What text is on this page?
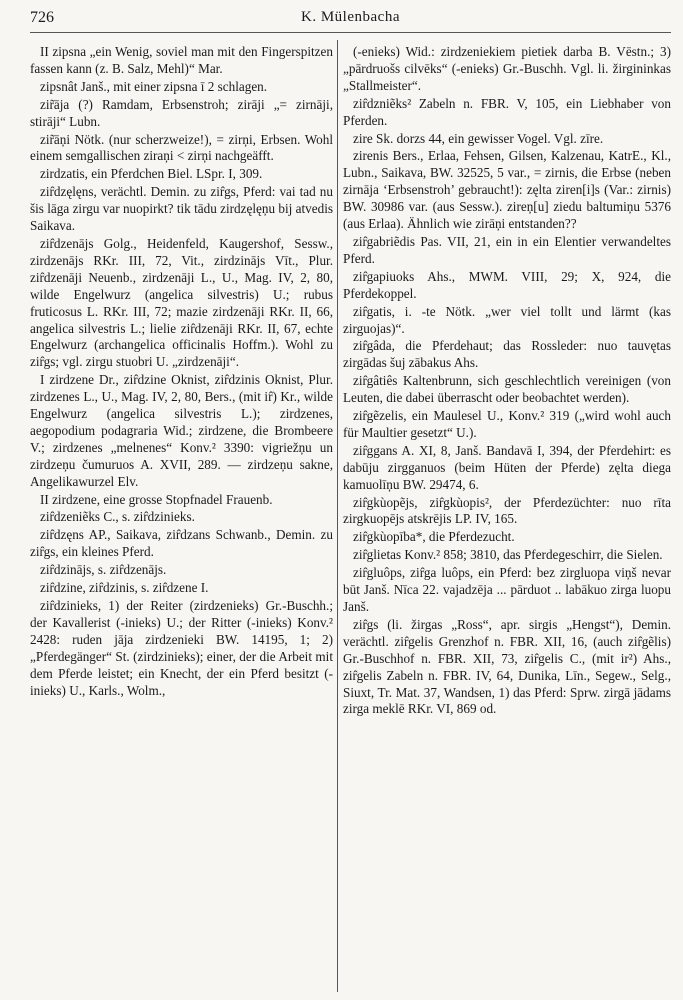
726	K. Mülenbacha

II zipsna „ein Wenig, soviel man mit den Fingerspitzen fassen kann (z. B. Salz, Mehl)“ Mar.

zipsnât Janš., mit einer zipsna ī 2 schlagen.

zir̃āja (?) Ramdam, Erbsenstroh; zirāji „= zirnāji, stirāji“ Lubn.

zir̃āņi Nötk. (nur scherzweize!), = zirņi, Erbsen. Wohl einem semgallischen ziraņi < zirņi nachgeäfft.

zirdzatis, ein Pferdchen Biel. LSpr. I, 309.

zir̂dzęlęns, verächtl. Demin. zu zir̂gs, Pferd: vai tad nu šis lāga zirgu var nuopirkt? tik tādu zirdzęlęņu bij atvedis Saikava.

zir̂dzenājs Golg., Heidenfeld, Kaugershof, Sessw., zirdzenājs RKr. III, 72, Vit., zirdzināјs Vīt., Plur. zir̂dzenāji Neuenb., zirdzenāji L., U., Mag. IV, 2, 80, wilde Engelwurz (angelica silvestris) U.; rubus fruticosus L. RKr. III, 72; mazie zirdzenāji RKr. II, 66, angelica silvestris L.; lielie zir̂dzenāji RKr. II, 67, echte Engelwurz (archangelica officinalis Hoffm.). Wohl zu zir̂gs; vgl. zirgu stuobri U. „zirdzenāji“.

I zirdzene Dr., zir̂dzine Oknist, zir̂dzinis Oknist, Plur. zirdzenes L., U., Mag. IV, 2, 80, Bers., (mit ir̂) Kr., wilde Engelwurz (angelica silvestris L.); zirdzenes, aegopodium podagraria Wid.; zirdzene, die Brombeere V.; zirdzenes „melnenes“ Konv.² 3390: vigriežņu un zirdzeņu čumuruos A. XVII, 289. — zirdzeņu sakne, Angelikawurzel Elv.

II zirdzene, eine grosse Stopfnadel Frauenb.

zir̂dzeniẽks C., s. zir̂dzinieks.

zir̂dzęns AP., Saikava, zir̂dzans Schwanb., Demin. zu zir̂gs, ein kleines Pferd.

zir̂dzinājs, s. zir̂dzenājs.

zir̂dzine, zir̂dzinis, s. zir̂dzene I.

zir̂dzinieks, 1) der Reiter (zirdzenieks) Gr.-Buschh.; der Kavallerist (-inieks) U.; der Ritter (-inieks) Konv.² 2428: ruden jāja zirdzenieki BW. 14195, 1; 2) „Pferdegänger“ St. (zirdzinieks); einer, der die Arbeit mit dem Pferde leistet; ein Knecht, der ein Pferd besitzt (-inieks) U., Karls., Wolm.,

(-enieks) Wid.: zirdzeniekiem pietiek darba B. Vēstn.; 3) „pārdruošs cilvēks“ (-enieks) Gr.-Buschh. Vgl. li. žirgininkas „Stallmeister“.

zir̂dzniẽks² Zabeln n. FBR. V, 105, ein Liebhaber von Pferden.

zire Sk. dorzs 44, ein gewisser Vogel. Vgl. zīre.

zirenis Bers., Erlaa, Fehsen, Gilsen, Kalzenau, KatrE., Kl., Lubn., Saikava, BW. 32525, 5 var., = zirnis, die Erbse (neben zirnāja ‘Erbsenstroh’ gebraucht!): zęlta ziren[i]s (Var.: zirnis) BW. 30986 var. (aus Sessw.). zireņ[u] ziedu baltumiņu 5376 (aus Erlaa). Ähnlich wie zirāņi entstanden??

zir̂gabriẽdis Pas. VII, 21, ein in ein Elentier verwandeltes Pferd.

zir̂gapiuoks Ahs., MWM. VIII, 29; X, 924, die Pferdekoppel.

zir̂gatis, i. -te Nötk. „wer viel tollt und lärmt (kas zirguojas)“.

zir̂gâda, die Pferdehaut; das Rossleder: nuo tauvętas zirgādas šuj zābakus Ahs.

zir̂gâtiês Kaltenbrunn, sich geschlechtlich vereinigen (von Leuten, die dabei überrascht oder beobachtet werden).

zir̂gẽzelis, ein Maulesel U., Konv.² 319 („wird wohl auch für Maultier gesetzt“ U.).

zir̂ggans A. XI, 8, Janš. Bandavā I, 394, der Pferdehirt: es dabūju zirgganuos (beim Hüten der Pferde) zęlta diega kamuolīņu BW. 29474, 6.

zir̂gkùopẽjs, zir̂gkùopis², der Pferdezüchter: nuo rīta zirgkuopējs atskrējis LP. IV, 165.

zir̂gkùopība*, die Pferdezucht.

zir̂glietas Konv.² 858; 3810, das Pferdegeschirr, die Sielen.

zir̂gluôps, zir̂ga luôps, ein Pferd: bez zirgluopa viņš nevar būt Janš. Nīca 22. vajadzēja ... pārduot .. labākuo zirga luopu Janš.

zir̂gs (li. žirgas „Ross“, apr. sirgis „Hengst“), Demin. verächtl. zir̂gelis Grenzhof n. FBR. XII, 16, (auch zir̂gẽlis) Gr.-Buschhof n. FBR. XII, 73, zir̂gelis C., (mit ir²) Ahs., zir̂gelis Zabeln n. FBR. IV, 64, Dunika, Līn., Segew., Selg., Siuxt, Tr. Mat. 37, Wandsen, 1) das Pferd: Sprw. zirgā jādams zirga meklē RKr. VI, 869 od.
